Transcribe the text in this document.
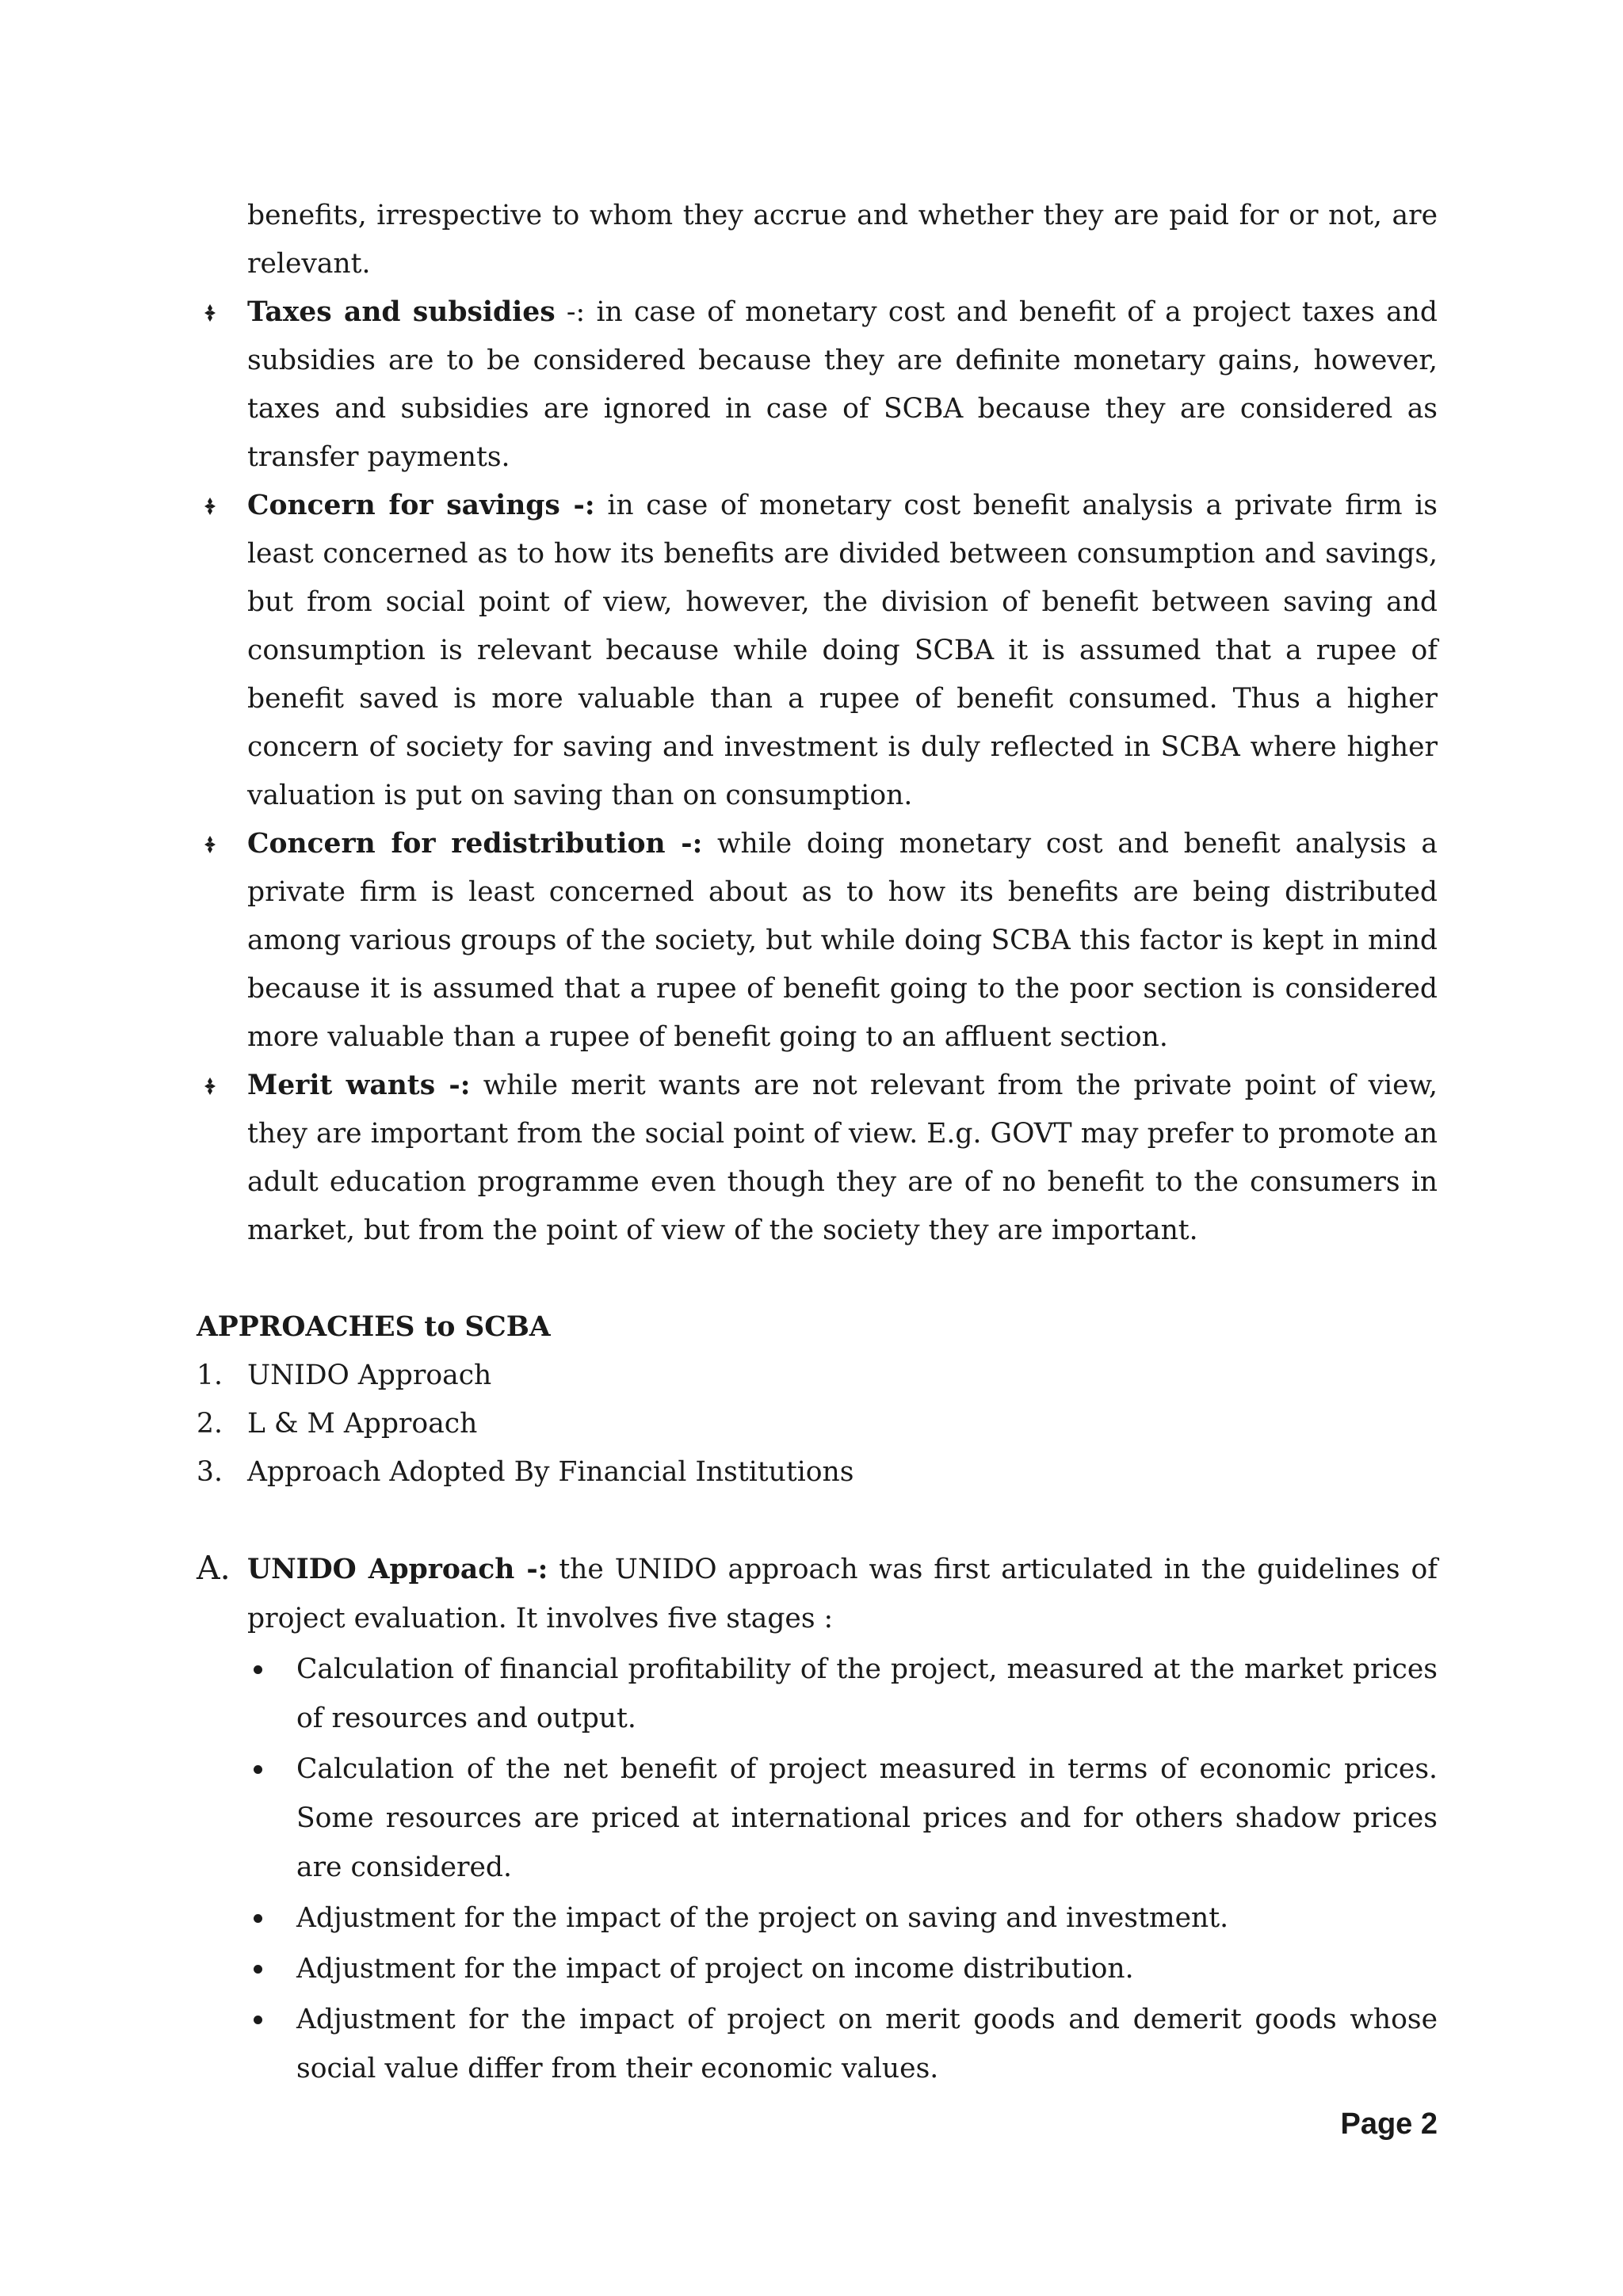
benefits, irrespective to whom they accrue and whether they are paid for or not, are relevant.

Taxes and subsidies -: in case of monetary cost and benefit of a project taxes and subsidies are to be considered because they are definite monetary gains, however, taxes and subsidies are ignored in case of SCBA because they are considered as transfer payments.

Concern for savings -: in case of monetary cost benefit analysis a private firm is least concerned as to how its benefits are divided between consumption and savings, but from social point of view, however, the division of benefit between saving and consumption is relevant because while doing SCBA it is assumed that a rupee of benefit saved is more valuable than a rupee of benefit consumed. Thus a higher concern of society for saving and investment is duly reflected in SCBA where higher valuation is put on saving than on consumption.

Concern for redistribution -: while doing monetary cost and benefit analysis a private firm is least concerned about as to how its benefits are being distributed among various groups of the society, but while doing SCBA this factor is kept in mind because it is assumed that a rupee of benefit going to the poor section is considered more valuable than a rupee of benefit going to an affluent section.

Merit wants -: while merit wants are not relevant from the private point of view, they are important from the social point of view. E.g. GOVT may prefer to promote an adult education programme even though they are of no benefit to the consumers in market, but from the point of view of the society they are important.

APPROACHES to SCBA

1. UNIDO Approach

2. L & M Approach

3. Approach Adopted By Financial Institutions

A. UNIDO Approach -: the UNIDO approach was first articulated in the guidelines of project evaluation. It involves five stages :

Calculation of financial profitability of the project, measured at the market prices of resources and output.
Calculation of the net benefit of project measured in terms of economic prices. Some resources are priced at international prices and for others shadow prices are considered.
Adjustment for the impact of the project on saving and investment.
Adjustment for the impact of project on income distribution.
Adjustment for the impact of project on merit goods and demerit goods whose social value differ from their economic values.
Page 2
